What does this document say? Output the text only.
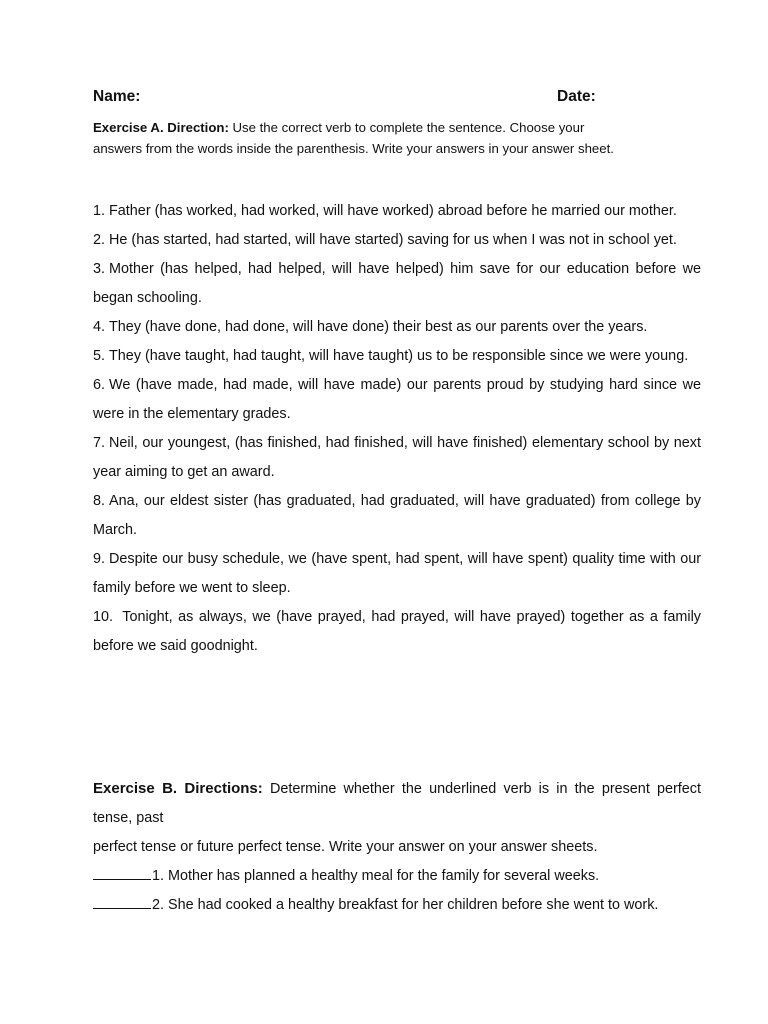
Name:	Date:
Exercise A. Direction: Use the correct verb to complete the sentence. Choose your answers from the words inside the parenthesis. Write your answers in your answer sheet.

1. Father (has worked, had worked, will have worked) abroad before he married our mother.

2. He (has started, had started, will have started) saving for us when I was not in school yet.

3. Mother (has helped, had helped, will have helped) him save for our education before we began schooling.

4. They (have done, had done, will have done) their best as our parents over the years.

5. They (have taught, had taught, will have taught) us to be responsible since we were young.

6. We (have made, had made, will have made) our parents proud by studying hard since we were in the elementary grades.

7. Neil, our youngest, (has finished, had finished, will have finished) elementary school by next year aiming to get an award.

8. Ana, our eldest sister (has graduated, had graduated, will have graduated) from college by March.

9. Despite our busy schedule, we (have spent, had spent, will have spent) quality time with our family before we went to sleep.

10. Tonight, as always, we (have prayed, had prayed, will have prayed) together as a family before we said goodnight.

Exercise B. Directions: Determine whether the underlined verb is in the present perfect tense, past

perfect tense or future perfect tense. Write your answer on your answer sheets.

1. Mother has planned a healthy meal for the family for several weeks.

2. She had cooked a healthy breakfast for her children before she went to work.
